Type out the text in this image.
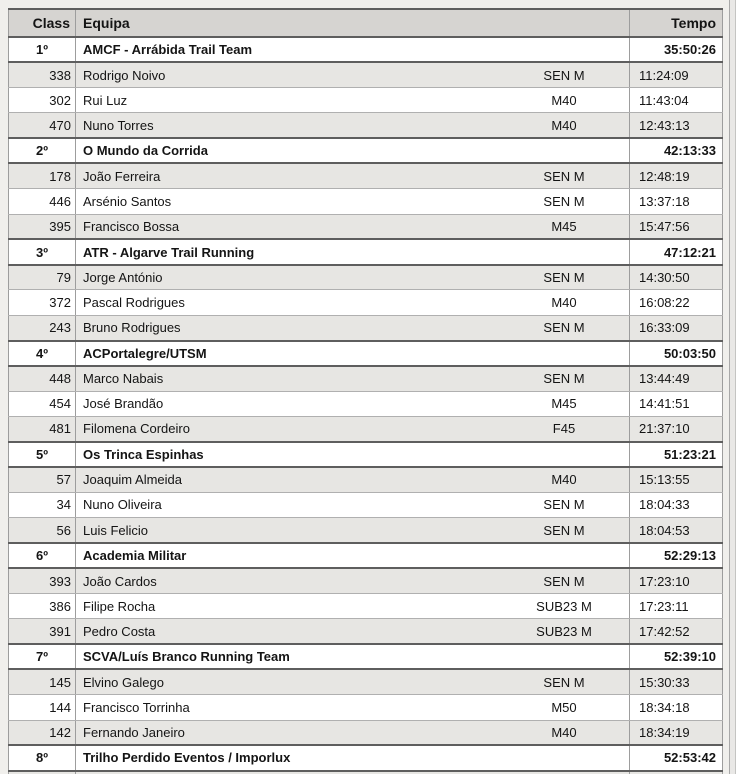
Class	Equipa	Tempo
1º	AMCF - Arrábida Trail Team	35:50:26
338	Rodrigo Noivo SEN M	11:24:09
302	Rui Luz M40	11:43:04
470	Nuno Torres M40	12:43:13
2º	O Mundo da Corrida	42:13:33
178	João Ferreira SEN M	12:48:19
446	Arsénio Santos SEN M	13:37:18
395	Francisco Bossa M45	15:47:56
3º	ATR - Algarve Trail Running	47:12:21
79	Jorge António SEN M	14:30:50
372	Pascal Rodrigues M40	16:08:22
243	Bruno Rodrigues SEN M	16:33:09
4º	ACPortalegre/UTSM	50:03:50
448	Marco Nabais SEN M	13:44:49
454	José Brandão M45	14:41:51
481	Filomena Cordeiro F45	21:37:10
5º	Os Trinca Espinhas	51:23:21
57	Joaquim Almeida M40	15:13:55
34	Nuno Oliveira SEN M	18:04:33
56	Luis Felicio SEN M	18:04:53
6º	Academia Militar	52:29:13
393	João Cardos SEN M	17:23:10
386	Filipe Rocha SUB23 M	17:23:11
391	Pedro Costa SUB23 M	17:42:52
7º	SCVA/Luís Branco Running Team	52:39:10
145	Elvino Galego SEN M	15:30:33
144	Francisco Torrinha M50	18:34:18
142	Fernando Janeiro M40	18:34:19
8º	Trilho Perdido Eventos / Imporlux	52:53:42
